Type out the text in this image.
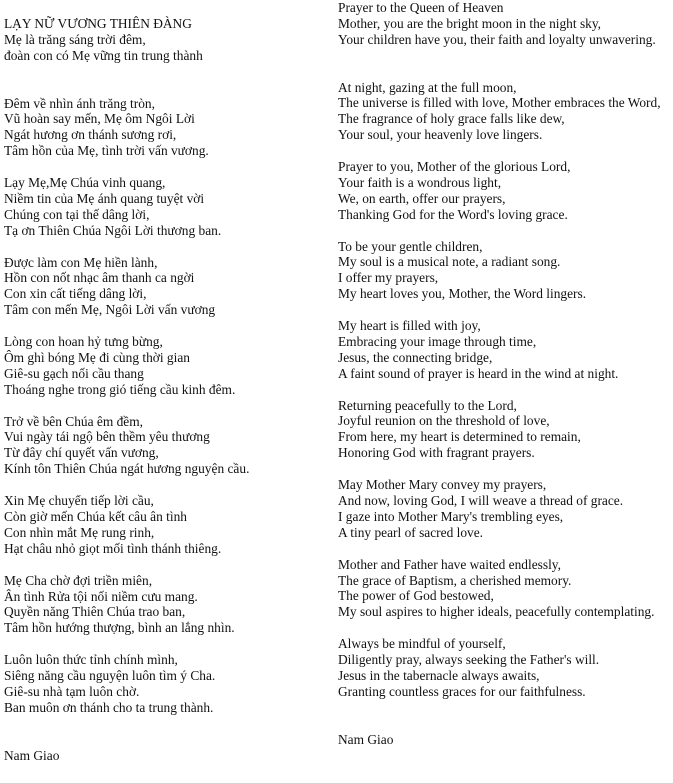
LẠY NỮ VƯƠNG THIÊN ĐÀNG
Mẹ là trăng sáng trời đêm,
đoàn con có Mẹ vững tin trung thành
Đêm về nhìn ánh trăng tròn,
Vũ hoàn say mến, Mẹ ôm Ngôi Lời
Ngát hương ơn thánh sương rơi,
Tâm hồn của Mẹ, tình trời vấn vương.
Lạy Mẹ,Mẹ Chúa vinh quang,
Niềm tin của Mẹ ánh quang tuyệt vời
Chúng con tại thế dâng lời,
Tạ ơn Thiên Chúa Ngôi Lời thương ban.
Được làm con Mẹ hiền lành,
Hồn con nốt nhạc âm thanh ca ngời
Con xin cất tiếng dâng lời,
Tâm con mến Mẹ, Ngôi Lời vấn vương
Lòng con hoan hỷ tưng bừng,
Ôm ghì bóng Mẹ đi cùng thời gian
Giê-su gạch nối cầu thang
Thoáng nghe trong gió tiếng cầu kinh đêm.
Trở về bên Chúa êm đềm,
Vui ngày tái ngộ bên thềm yêu thương
Từ đây chí quyết vấn vương,
Kính tôn Thiên Chúa ngát hương nguyện cầu.
Xin Mẹ chuyển tiếp lời cầu,
Còn giờ mến Chúa kết câu ân tình
Con nhìn mắt Mẹ rung rinh,
Hạt châu nhỏ giọt mối tình thánh thiêng.
Mẹ Cha chờ đợi triền miên,
Ân tình Rửa tội nối niềm cưu mang.
Quyền năng Thiên Chúa trao ban,
Tâm hồn hướng thượng, bình an lắng nhìn.
Luôn luôn thức tỉnh chính mình,
Siêng năng cầu nguyện luôn tìm ý Cha.
Giê-su nhà tạm luôn chờ.
Ban muôn ơn thánh cho ta trung thành.
Nam Giao
Prayer to the Queen of Heaven
Mother, you are the bright moon in the night sky,
Your children have you, their faith and loyalty unwavering.
At night, gazing at the full moon,
The universe is filled with love, Mother embraces the Word,
The fragrance of holy grace falls like dew,
Your soul, your heavenly love lingers.
Prayer to you, Mother of the glorious Lord,
Your faith is a wondrous light,
We, on earth, offer our prayers,
Thanking God for the Word's loving grace.
To be your gentle children,
My soul is a musical note, a radiant song.
I offer my prayers,
My heart loves you, Mother, the Word lingers.
My heart is filled with joy,
Embracing your image through time,
Jesus, the connecting bridge,
A faint sound of prayer is heard in the wind at night.
Returning peacefully to the Lord,
Joyful reunion on the threshold of love,
From here, my heart is determined to remain,
Honoring God with fragrant prayers.
May Mother Mary convey my prayers,
And now, loving God, I will weave a thread of grace.
I gaze into Mother Mary's trembling eyes,
A tiny pearl of sacred love.
Mother and Father have waited endlessly,
The grace of Baptism, a cherished memory.
The power of God bestowed,
My soul aspires to higher ideals, peacefully contemplating.
Always be mindful of yourself,
Diligently pray, always seeking the Father's will.
Jesus in the tabernacle always awaits,
Granting countless graces for our faithfulness.
Nam Giao
